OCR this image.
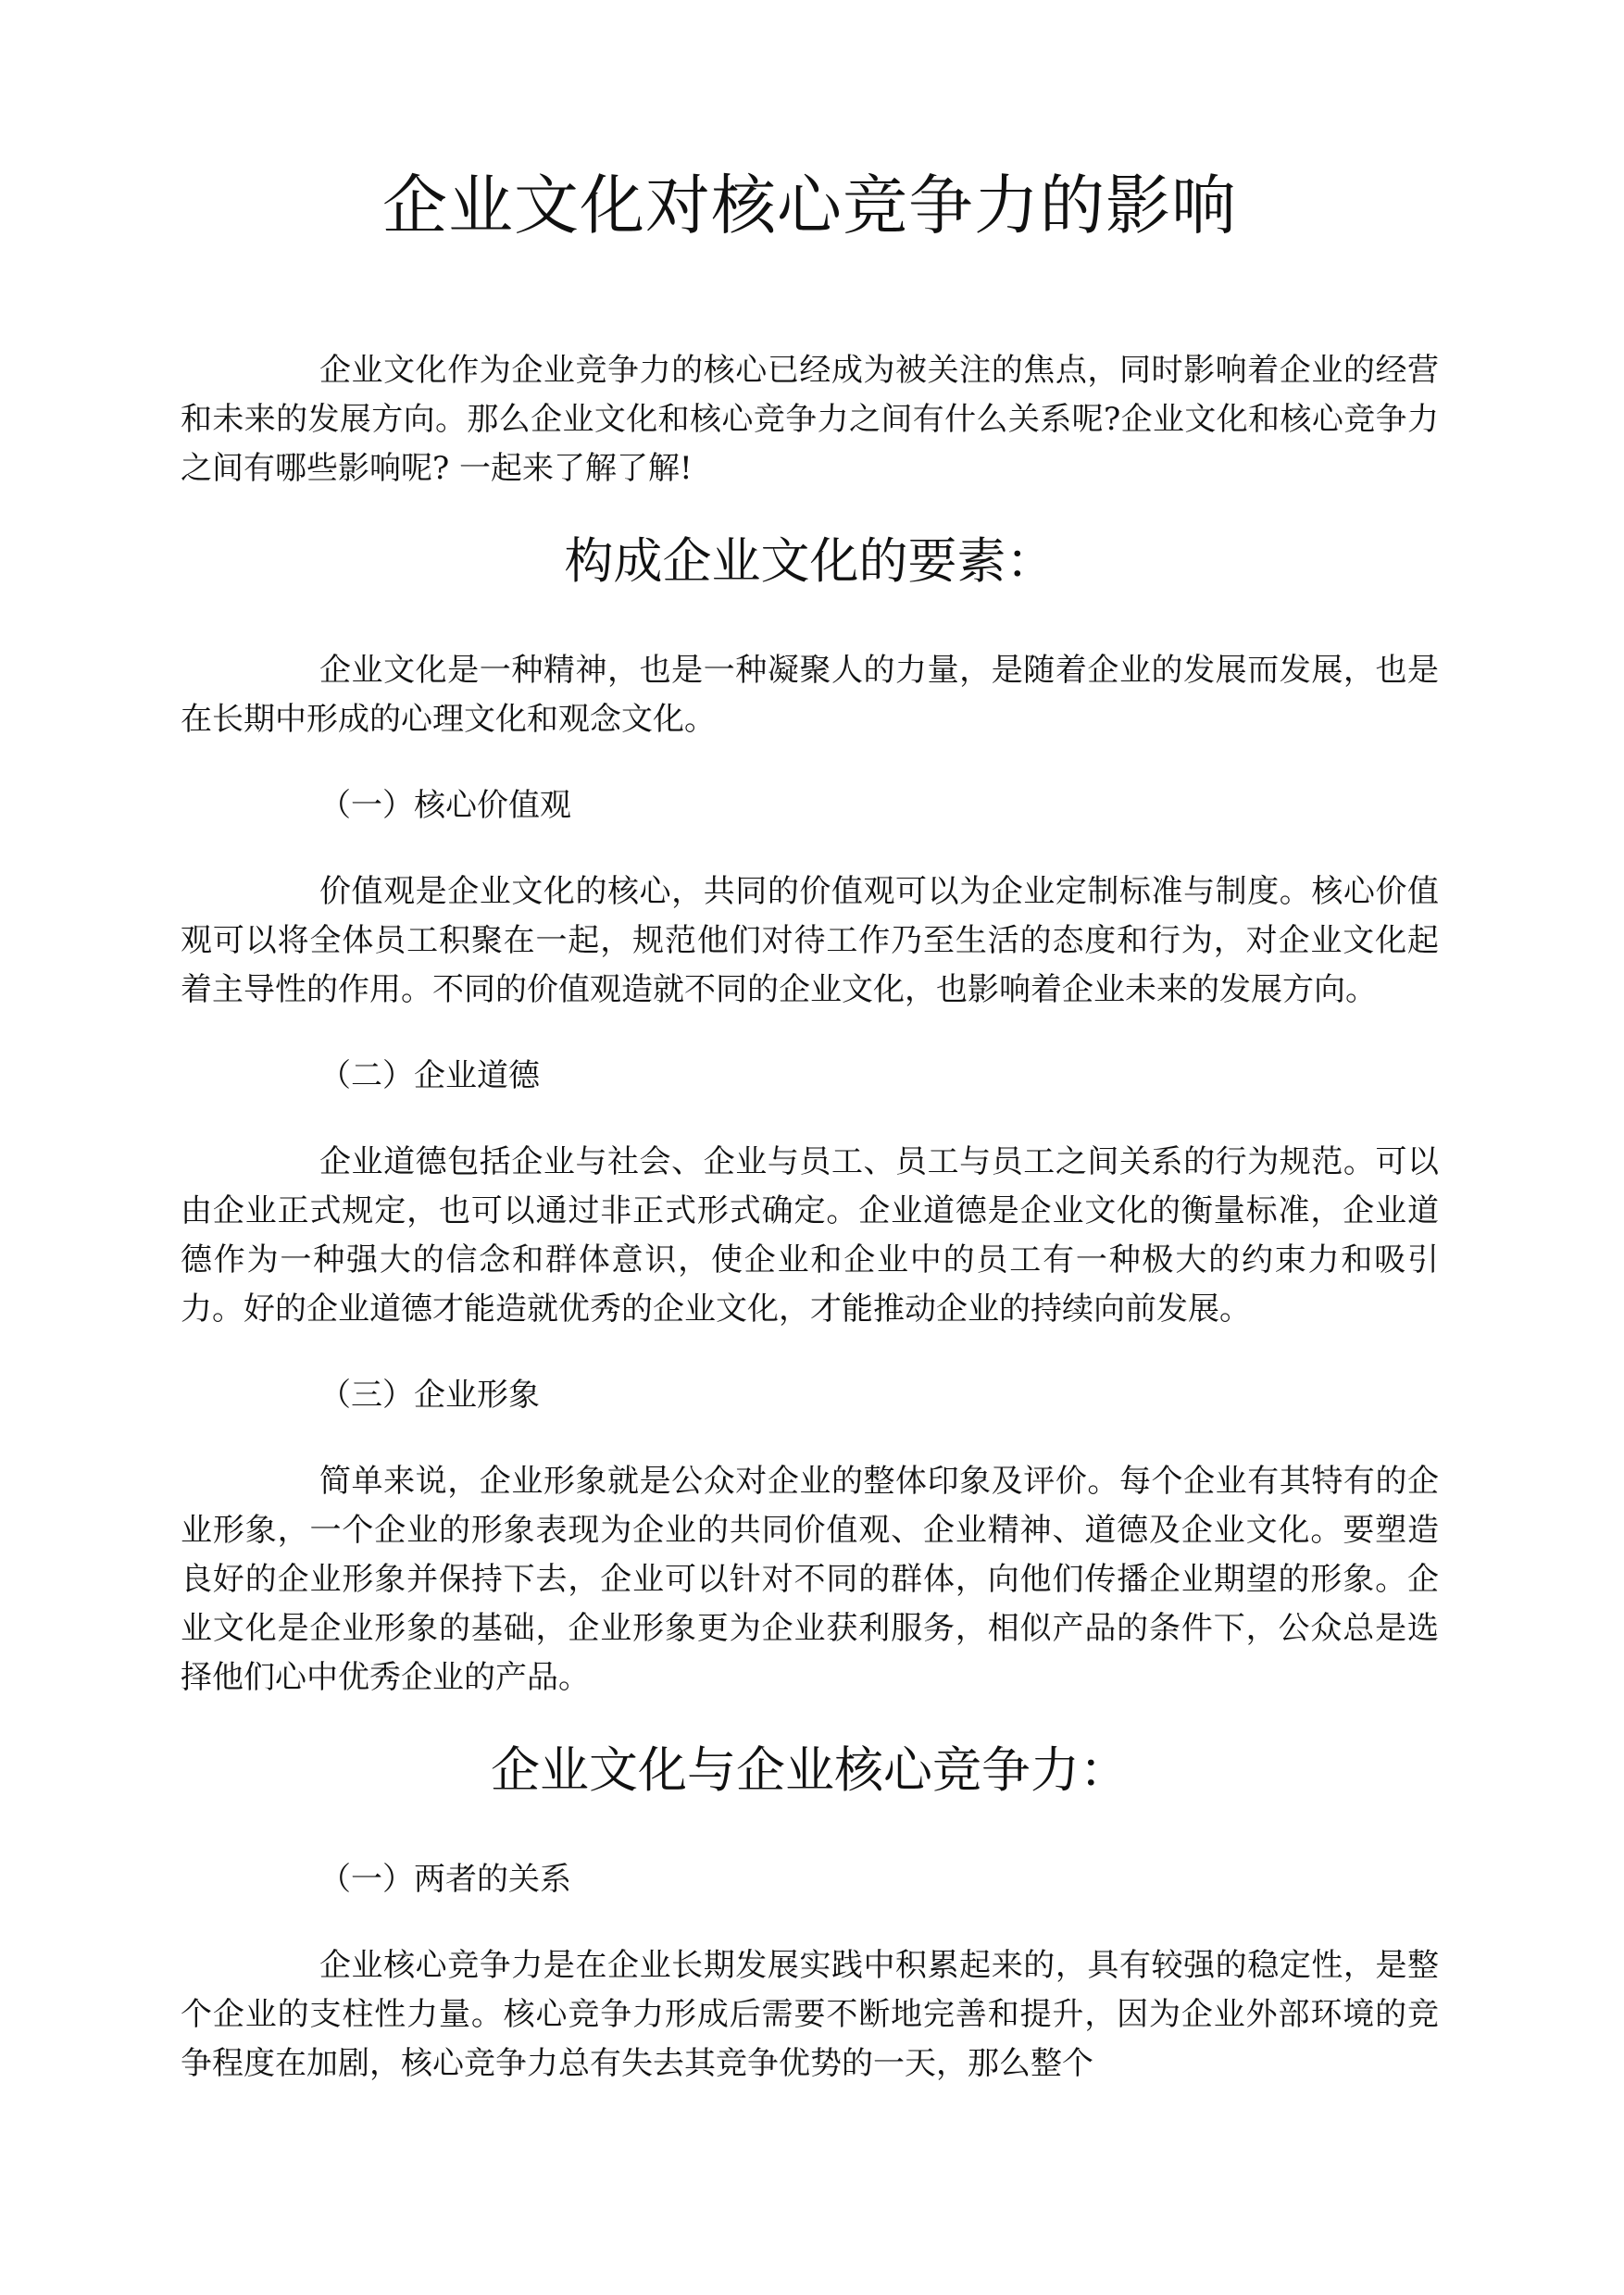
企业文化对核心竞争力的影响

企业文化作为企业竞争力的核心已经成为被关注的焦点，同时影响着企业的经营和未来的发展方向。那么企业文化和核心竞争力之间有什么关系呢?企业文化和核心竞争力之间有哪些影响呢? 一起来了解了解!

构成企业文化的要素：

企业文化是一种精神，也是一种凝聚人的力量，是随着企业的发展而发展，也是在长期中形成的心理文化和观念文化。

（一）核心价值观

价值观是企业文化的核心，共同的价值观可以为企业定制标准与制度。核心价值观可以将全体员工积聚在一起，规范他们对待工作乃至生活的态度和行为，对企业文化起着主导性的作用。不同的价值观造就不同的企业文化，也影响着企业未来的发展方向。

（二）企业道德

企业道德包括企业与社会、企业与员工、员工与员工之间关系的行为规范。可以由企业正式规定，也可以通过非正式形式确定。企业道德是企业文化的衡量标准，企业道德作为一种强大的信念和群体意识，使企业和企业中的员工有一种极大的约束力和吸引力。好的企业道德才能造就优秀的企业文化，才能推动企业的持续向前发展。

（三）企业形象

简单来说，企业形象就是公众对企业的整体印象及评价。每个企业有其特有的企业形象，一个企业的形象表现为企业的共同价值观、企业精神、道德及企业文化。要塑造良好的企业形象并保持下去，企业可以针对不同的群体，向他们传播企业期望的形象。企业文化是企业形象的基础，企业形象更为企业获利服务，相似产品的条件下，公众总是选择他们心中优秀企业的产品。

企业文化与企业核心竞争力：
（一）两者的关系

企业核心竞争力是在企业长期发展实践中积累起来的，具有较强的稳定性，是整个企业的支柱性力量。核心竞争力形成后需要不断地完善和提升，因为企业外部环境的竞争程度在加剧，核心竞争力总有失去其竞争优势的一天，那么整个
